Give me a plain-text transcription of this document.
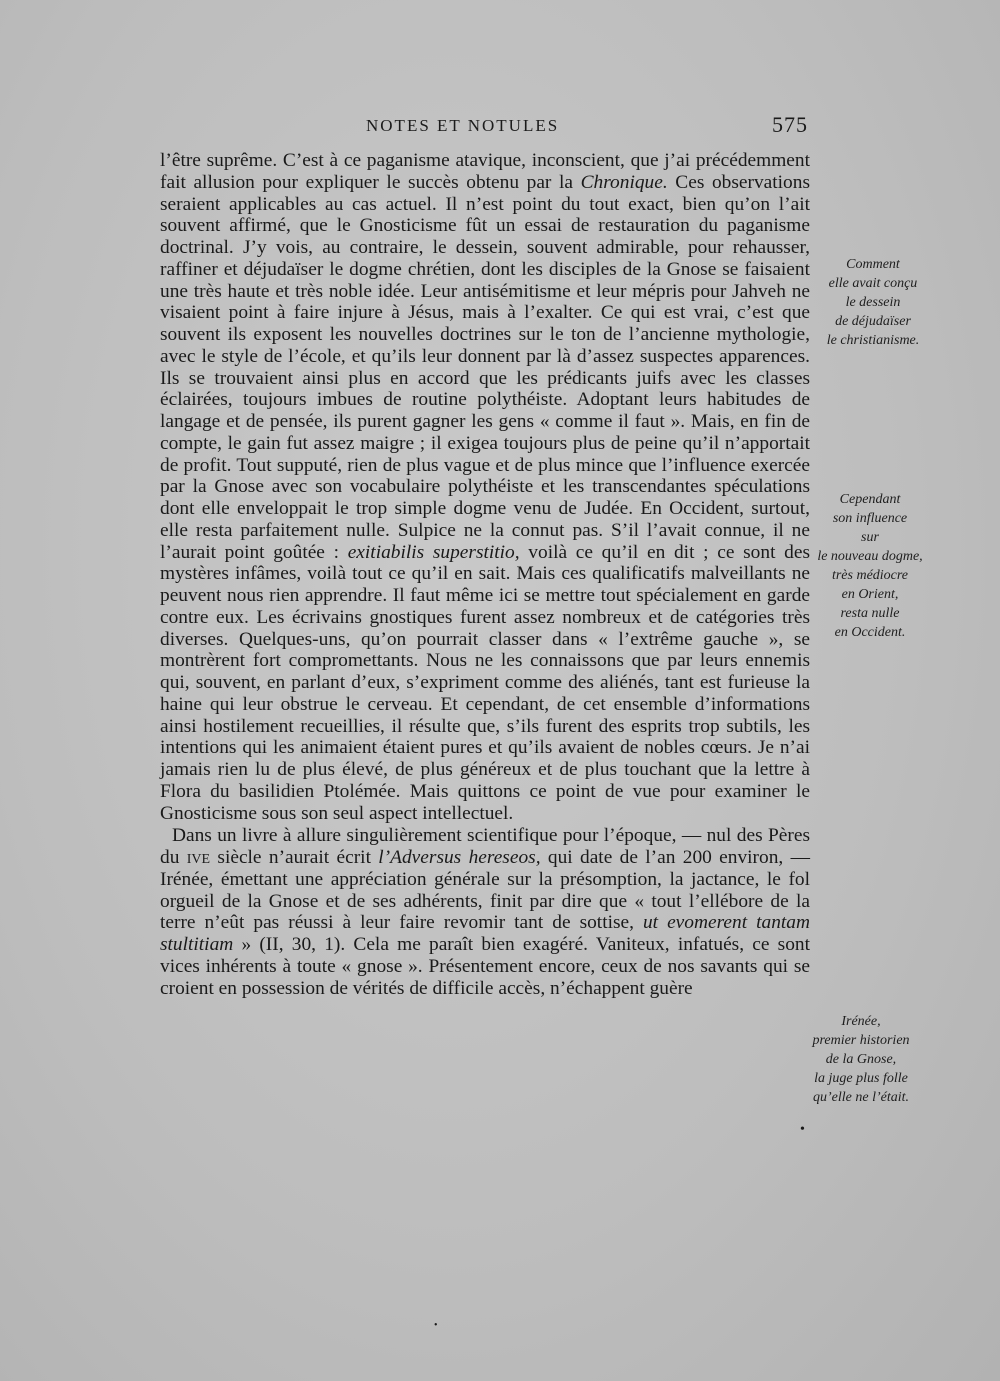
NOTES ET NOTULES	575

l’être suprême. C’est à ce paganisme atavique, inconscient, que j’ai précédemment fait allusion pour expliquer le succès obtenu par la Chronique. Ces observations seraient applicables au cas actuel. Il n’est point du tout exact, bien qu’on l’ait souvent affirmé, que le Gnosticisme fût un essai de restauration du paganisme doctrinal. J’y vois, au contraire, le dessein, souvent admirable, pour rehausser, raffiner et déjudaïser le dogme chrétien, dont les disciples de la Gnose se faisaient une très haute et très noble idée. Leur antisémitisme et leur mépris pour Jahveh ne visaient point à faire injure à Jésus, mais à l’exalter. Ce qui est vrai, c’est que souvent ils exposent les nouvelles doctrines sur le ton de l’ancienne mythologie, avec le style de l’école, et qu’ils leur donnent par là d’assez suspectes apparences. Ils se trouvaient ainsi plus en accord que les prédicants juifs avec les classes éclairées, toujours imbues de routine polythéiste. Adoptant leurs habitudes de langage et de pensée, ils purent gagner les gens « comme il faut ». Mais, en fin de compte, le gain fut assez maigre ; il exigea toujours plus de peine qu’il n’apportait de profit. Tout supputé, rien de plus vague et de plus mince que l’influence exercée par la Gnose avec son vocabulaire polythéiste et les transcendantes spéculations dont elle enveloppait le trop simple dogme venu de Judée. En Occident, surtout, elle resta parfaitement nulle. Sulpice ne la connut pas. S’il l’avait connue, il ne l’aurait point goûtée : exitiabilis superstitio, voilà ce qu’il en dit ; ce sont des mystères infâmes, voilà tout ce qu’il en sait. Mais ces qualificatifs malveillants ne peuvent nous rien apprendre. Il faut même ici se mettre tout spécialement en garde contre eux. Les écrivains gnostiques furent assez nombreux et de catégories très diverses. Quelques-uns, qu’on pourrait classer dans « l’extrême gauche », se montrèrent fort compromettants. Nous ne les connaissons que par leurs ennemis qui, souvent, en parlant d’eux, s’expriment comme des aliénés, tant est furieuse la haine qui leur obstrue le cerveau. Et cependant, de cet ensemble d’informations ainsi hostilement recueillies, il résulte que, s’ils furent des esprits trop subtils, les intentions qui les animaient étaient pures et qu’ils avaient de nobles cœurs. Je n’ai jamais rien lu de plus élevé, de plus généreux et de plus touchant que la lettre à Flora du basilidien Ptolémée. Mais quittons ce point de vue pour examiner le Gnosticisme sous son seul aspect intellectuel.

Dans un livre à allure singulièrement scientifique pour l’époque, — nul des Pères du ive siècle n’aurait écrit l’Adversus hereseos, qui date de l’an 200 environ, — Irénée, émettant une appréciation générale sur la présomption, la jactance, le fol orgueil de la Gnose et de ses adhérents, finit par dire que « tout l’ellébore de la terre n’eût pas réussi à leur faire revomir tant de sottise, ut evomerent tantam stultitiam » (II, 30, 1). Cela me paraît bien exagéré. Vaniteux, infatués, ce sont vices inhérents à toute « gnose ». Présentement encore, ceux de nos savants qui se croient en possession de vérités de difficile accès, n’échappent guère

Comment
elle avait conçu
le dessein
de déjudaïser
le christianisme.
Cependant
son influence
sur
le nouveau dogme,
très médiocre
en Orient,
resta nulle
en Occident.
Irénée,
premier historien
de la Gnose,
la juge plus folle
qu’elle ne l’était.
•
•
